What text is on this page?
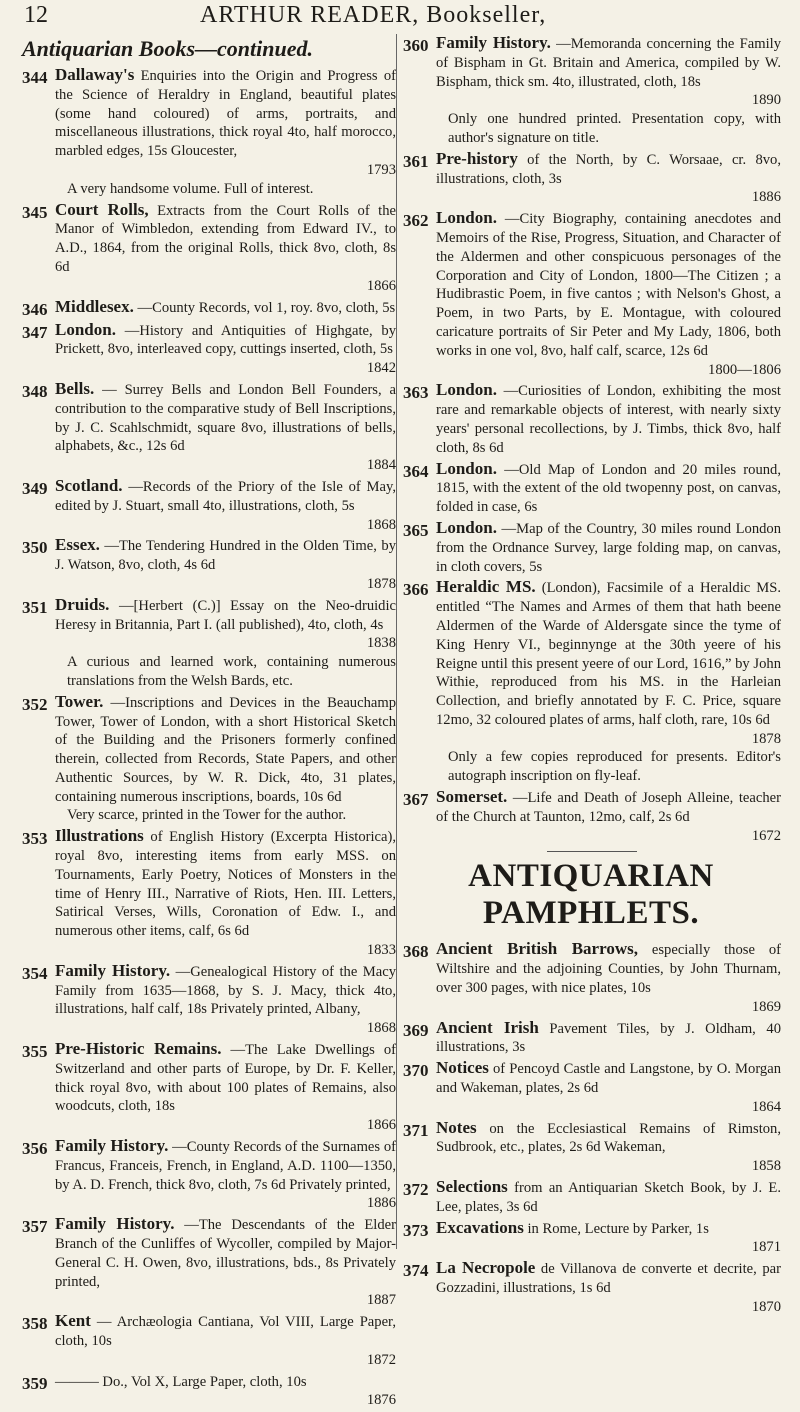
12	ARTHUR READER, Bookseller,
Antiquarian Books—continued.
344 Dallaway's Enquiries into the Origin and Progress of the Science of Heraldry in England, beautiful plates (some hand coloured) of arms, portraits, and miscellaneous illustrations, thick royal 4to, half morocco, marbled edges, 15s Gloucester,
1793
A very handsome volume. Full of interest.
345 Court Rolls, Extracts from the Court Rolls of the Manor of Wimbledon, extending from Edward IV., to A.D., 1864, from the original Rolls, thick 8vo, cloth, 8s 6d
1866
346 Middlesex. —County Records, vol 1, roy. 8vo, cloth, 5s
347 London. —History and Antiquities of Highgate, by Prickett, 8vo, interleaved copy, cuttings inserted, cloth, 5s
1842
348 Bells. — Surrey Bells and London Bell Founders, a contribution to the comparative study of Bell Inscriptions, by J. C. Scahlschmidt, square 8vo, illustrations of bells, alphabets, &c., 12s 6d
1884
349 Scotland. —Records of the Priory of the Isle of May, edited by J. Stuart, small 4to, illustrations, cloth, 5s
1868
350 Essex. —The Tendering Hundred in the Olden Time, by J. Watson, 8vo, cloth, 4s 6d
1878
351 Druids. —[Herbert (C.)] Essay on the Neo-druidic Heresy in Britannia, Part I. (all published), 4to, cloth, 4s
1838
A curious and learned work, containing numerous translations from the Welsh Bards, etc.
352 Tower. —Inscriptions and Devices in the Beauchamp Tower, Tower of London, with a short Historical Sketch of the Building and the Prisoners formerly confined therein, collected from Records, State Papers, and other Authentic Sources, by W. R. Dick, 4to, 31 plates, containing numerous inscriptions, boards, 10s 6d
Very scarce, printed in the Tower for the author.
353 Illustrations of English History (Excerpta Historica), royal 8vo, interesting items from early MSS. on Tournaments, Early Poetry, Notices of Monsters in the time of Henry III., Narrative of Riots, Hen. III. Letters, Satirical Verses, Wills, Coronation of Edw. I., and numerous other items, calf, 6s 6d
1833
354 Family History. —Genealogical History of the Macy Family from 1635—1868, by S. J. Macy, thick 4to, illustrations, half calf, 18s Privately printed, Albany,
1868
355 Pre-Historic Remains. —The Lake Dwellings of Switzerland and other parts of Europe, by Dr. F. Keller, thick royal 8vo, with about 100 plates of Remains, also woodcuts, cloth, 18s
1866
356 Family History. —County Records of the Surnames of Francus, Franceis, French, in England, A.D. 1100—1350, by A. D. French, thick 8vo, cloth, 7s 6d Privately printed,
1886
357 Family History. —The Descendants of the Elder Branch of the Cunliffes of Wycoller, compiled by Major-General C. H. Owen, 8vo, illustrations, bds., 8s Privately printed,
1887
358 Kent — Archæologia Cantiana, Vol VIII, Large Paper, cloth, 10s
1872
359 ——— Do., Vol X, Large Paper, cloth, 10s
1876
360 Family History. —Memoranda concerning the Family of Bispham in Gt. Britain and America, compiled by W. Bispham, thick sm. 4to, illustrated, cloth, 18s
1890
Only one hundred printed. Presentation copy, with author's signature on title.
361 Pre-history of the North, by C. Worsaae, cr. 8vo, illustrations, cloth, 3s
1886
362 London. —City Biography, containing anecdotes and Memoirs of the Rise, Progress, Situation, and Character of the Aldermen and other conspicuous personages of the Corporation and City of London, 1800—The Citizen ; a Hudibrastic Poem, in five cantos ; with Nelson's Ghost, a Poem, in two Parts, by E. Montague, with coloured caricature portraits of Sir Peter and My Lady, 1806, both works in one vol, 8vo, half calf, scarce, 12s 6d
1800—1806
363 London. —Curiosities of London, exhibiting the most rare and remarkable objects of interest, with nearly sixty years' personal recollections, by J. Timbs, thick 8vo, half cloth, 8s 6d
364 London. —Old Map of London and 20 miles round, 1815, with the extent of the old twopenny post, on canvas, folded in case, 6s
365 London. —Map of the Country, 30 miles round London from the Ordnance Survey, large folding map, on canvas, in cloth covers, 5s
366 Heraldic MS. (London), Facsimile of a Heraldic MS. entitled “The Names and Armes of them that hath beene Aldermen of the Warde of Aldersgate since the tyme of King Henry VI., beginnynge at the 30th yeere of his Reigne until this present yeere of our Lord, 1616,” by John Withie, reproduced from his MS. in the Harleian Collection, and briefly annotated by F. C. Price, square 12mo, 32 coloured plates of arms, half cloth, rare, 10s 6d
1878
Only a few copies reproduced for presents. Editor's autograph inscription on fly-leaf.
367 Somerset. —Life and Death of Joseph Alleine, teacher of the Church at Taunton, 12mo, calf, 2s 6d
1672
ANTIQUARIAN PAMPHLETS.
368 Ancient British Barrows, especially those of Wiltshire and the adjoining Counties, by John Thurnam, over 300 pages, with nice plates, 10s
1869
369 Ancient Irish Pavement Tiles, by J. Oldham, 40 illustrations, 3s
370 Notices of Pencoyd Castle and Langstone, by O. Morgan and Wakeman, plates, 2s 6d
1864
371 Notes on the Ecclesiastical Remains of Rimston, Sudbrook, etc., plates, 2s 6d Wakeman,
1858
372 Selections from an Antiquarian Sketch Book, by J. E. Lee, plates, 3s 6d
373 Excavations in Rome, Lecture by Parker, 1s
1871
374 La Necropole de Villanova de converte et decrite, par Gozzadini, illustrations, 1s 6d
1870
